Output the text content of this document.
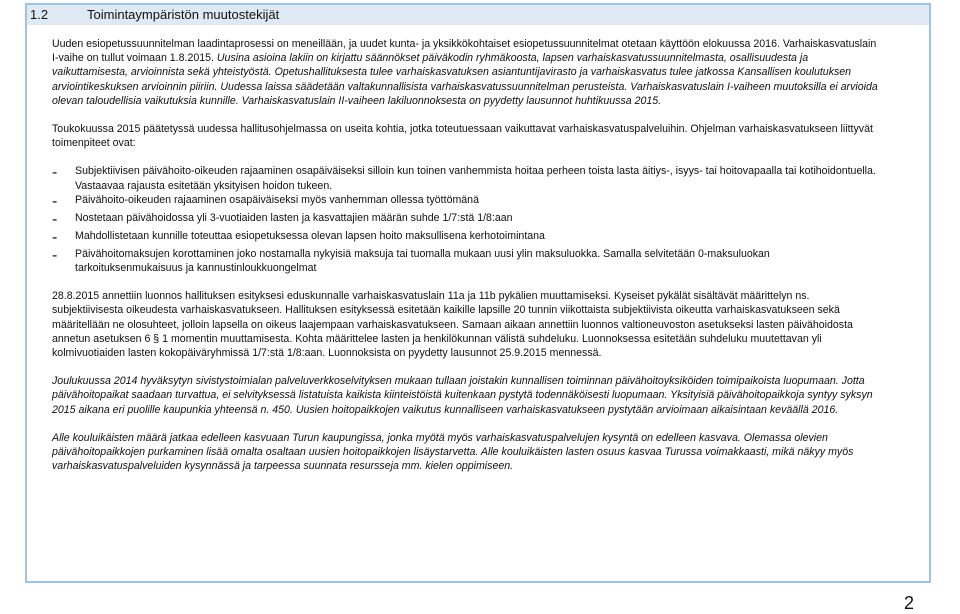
1.2	Toimintaympäristön muutostekijät

Uuden esiopetussuunnitelman laadintaprosessi on meneillään, ja uudet kunta- ja yksikkökohtaiset esiopetussuunnitelmat otetaan käyttöön elokuussa 2016. Varhaiskasvatuslain I-vaihe on tullut voimaan 1.8.2015. Uusina asioina lakiin on kirjattu säännökset päiväkodin ryhmäkoosta, lapsen varhaiskasvatussuunnitelmasta, osallisuudesta ja vaikuttamisesta, arvioinnista sekä yhteistyöstä. Opetushallituksesta tulee varhaiskasvatuksen asiantuntijavirasto ja varhaiskasvatus tulee jatkossa Kansallisen koulutuksen arviointikeskuksen arvioinnin piiriin. Uudessa laissa säädetään valtakunnallisista varhaiskasvatussuunnitelman perusteista. Varhaiskasvatuslain I-vaiheen muutoksilla ei arvioida olevan taloudellisia vaikutuksia kunnille. Varhaiskasvatuslain II-vaiheen lakiluonnoksesta on pyydetty lausunnot huhtikuussa 2015.

Toukokuussa 2015 päätetyssä uudessa hallitusohjelmassa on useita kohtia, jotka toteutuessaan vaikuttavat varhaiskasvatuspalveluihin. Ohjelman varhaiskasvatukseen liittyvät toimenpiteet ovat:

-	Subjektiivisen päivähoito-oikeuden rajaaminen osapäiväiseksi silloin kun toinen vanhemmista hoitaa perheen toista lasta äitiys-, isyys- tai hoitovapaalla tai kotihoidontuella. Vastaavaa rajausta esitetään yksityisen hoidon tukeen.

-	Päivähoito-oikeuden rajaaminen osapäiväiseksi myös vanhemman ollessa työttömänä

-	Nostetaan päivähoidossa yli 3-vuotiaiden lasten ja kasvattajien määrän suhde 1/7:stä 1/8:aan

-	Mahdollistetaan kunnille toteuttaa esiopetuksessa olevan lapsen hoito maksullisena kerhotoimintana

-	Päivähoitomaksujen korottaminen joko nostamalla nykyisiä maksuja tai tuomalla mukaan uusi ylin maksuluokka. Samalla selvitetään 0-maksuluokan tarkoituksenmukaisuus ja kannustinloukkuongelmat

28.8.2015 annettiin luonnos hallituksen esityksesi eduskunnalle varhaiskasvatuslain 11a ja 11b pykälien muuttamiseksi. Kyseiset pykälät sisältävät määrittelyn ns. subjektiivisesta oikeudesta varhaiskasvatukseen. Hallituksen esityksessä esitetään kaikille lapsille 20 tunnin viikottaista subjektiivista oikeutta varhaiskasvatukseen sekä määritellään ne olosuhteet, jolloin lapsella on oikeus laajempaan varhaiskasvatukseen. Samaan aikaan annettiin luonnos valtioneuvoston asetukseksi lasten päivähoidosta annetun asetuksen 6 § 1 momentin muuttamisesta. Kohta määrittelee lasten ja henkilökunnan välistä suhdeluku. Luonnoksessa esitetään suhdeluku muutettavan yli kolmivuotiaiden lasten kokopäiväryhmissä 1/7:stä 1/8:aan. Luonnoksista on pyydetty lausunnot 25.9.2015 mennessä.

Joulukuussa 2014 hyväksytyn sivistystoimialan palveluverkkoselvityksen mukaan tullaan joistakin kunnallisen toiminnan päivähoitoyksiköiden toimipaikoista luopumaan. Jotta päivähoitopaikat saadaan turvattua, ei selvityksessä listatuista kaikista kiinteistöistä kuitenkaan pystytä todennäköisesti luopumaan. Yksityisiä päivähoitopaikkoja syntyy syksyn 2015 aikana eri puolille kaupunkia yhteensä n. 450. Uusien hoitopaikkojen vaikutus kunnalliseen varhaiskasvatukseen pystytään arvioimaan aikaisintaan keväällä 2016.

Alle kouluikäisten määrä jatkaa edelleen kasvuaan Turun kaupungissa, jonka myötä myös varhaiskasvatuspalvelujen kysyntä on edelleen kasvava. Olemassa olevien päivähoitopaikkojen purkaminen lisää omalta osaltaan uusien hoitopaikkojen lisäystarvetta. Alle kouluikäisten lasten osuus kasvaa Turussa voimakkaasti, mikä näkyy myös varhaiskasvatuspalveluiden kysynnässä ja tarpeessa suunnata resursseja mm. kielen oppimiseen.

2
